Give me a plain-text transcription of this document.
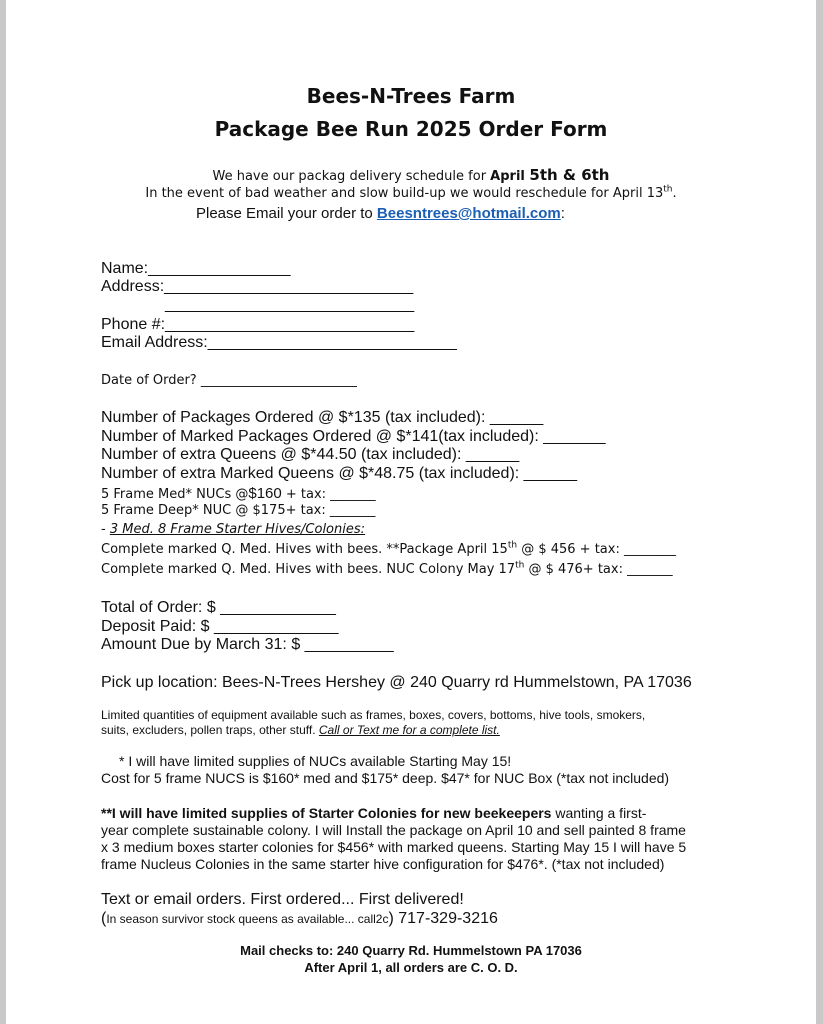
Bees-N-Trees Farm
Package Bee Run 2025 Order Form
We have our packag delivery schedule for April 5th & 6th
In the event of bad weather and slow build-up we would reschedule for April 13th.
Please Email your order to Beesntrees@hotmail.com:
Name:________________
Address:____________________________
____________________________
Phone #:____________________________
Email Address:____________________________
Date of Order? ________________________
Number of Packages Ordered @ $*135 (tax included): ______
Number of Marked Packages Ordered @ $*141(tax included): _______
Number of extra Queens @ $*44.50 (tax included): ______
Number of extra Marked Queens @ $*48.75 (tax included): ______
5 Frame Med* NUCs @$160 + tax: _______
5 Frame Deep* NUC @ $175+ tax: _______
- 3 Med. 8 Frame Starter Hives/Colonies:
Complete marked Q. Med. Hives with bees. **Package April 15th @ $ 456 + tax: ________
Complete marked Q. Med. Hives with bees. NUC Colony May 17th @ $ 476+ tax: _______
Total of Order: $ _____________
Deposit Paid: $ ______________
Amount Due by March 31: $ __________
Pick up location: Bees-N-Trees Hershey @ 240 Quarry rd Hummelstown, PA 17036
Limited quantities of equipment available such as frames, boxes, covers, bottoms, hive tools, smokers,
suits, excluders, pollen traps, other stuff. Call or Text me for a complete list.
* I will have limited supplies of NUCs available Starting May 15!
Cost for 5 frame NUCS is $160* med and $175* deep. $47* for NUC Box (*tax not included)
**I will have limited supplies of Starter Colonies for new beekeepers wanting a first-
year complete sustainable colony. I will Install the package on April 10 and sell painted 8 frame
x 3 medium boxes starter colonies for $456* with marked queens. Starting May 15 I will have 5
frame Nucleus Colonies in the same starter hive configuration for $476*. (*tax not included)
Text or email orders. First ordered... First delivered!
(In season survivor stock queens as available... call2c) 717-329-3216
Mail checks to: 240 Quarry Rd. Hummelstown PA 17036
After April 1, all orders are C. O. D.
